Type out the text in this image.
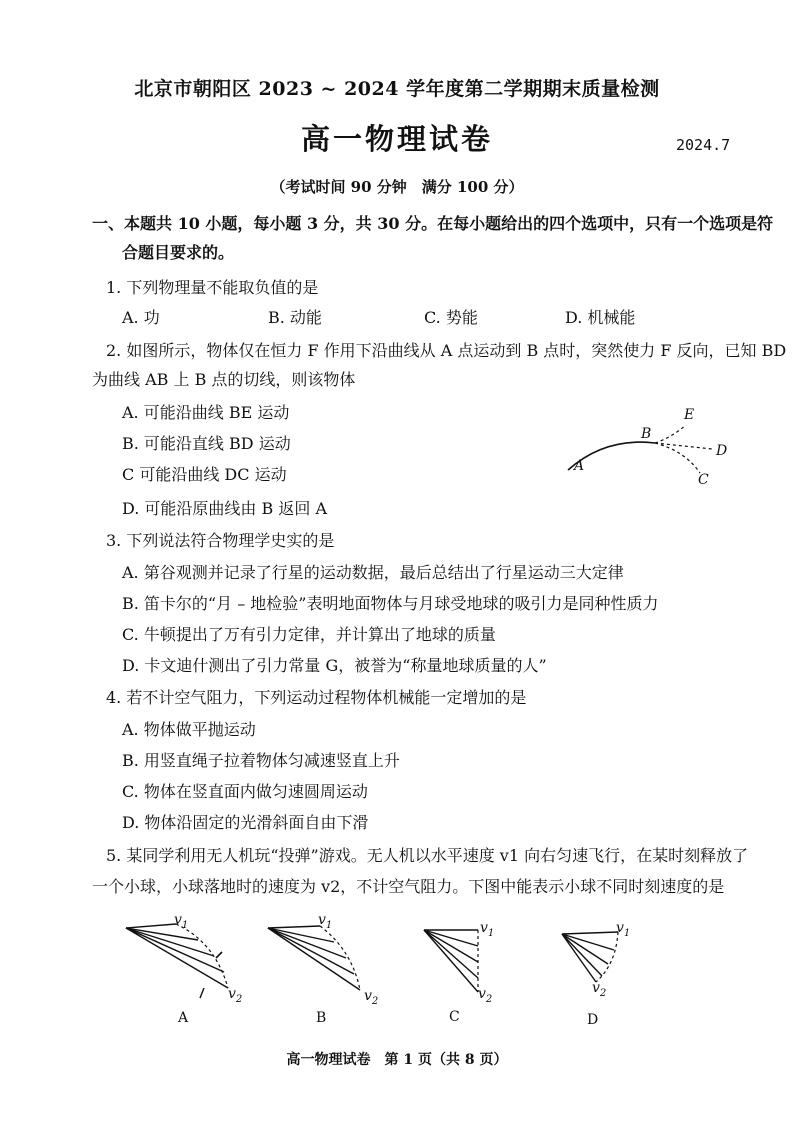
北京市朝阳区 2023 ~ 2024 学年度第二学期期末质量检测
高一物理试卷	2024.7
（考试时间 90 分钟　满分 100 分）
一、本题共 10 小题，每小题 3 分，共 30 分。在每小题给出的四个选项中，只有一个选项是符
合题目要求的。
1. 下列物理量不能取负值的是
A. 功	B. 动能	C. 势能	D. 机械能
2. 如图所示，物体仅在恒力 F 作用下沿曲线从 A 点运动到 B 点时，突然使力 F 反向，已知 BD
为曲线 AB 上 B 点的切线，则该物体
A. 可能沿曲线 BE 运动
B. 可能沿直线 BD 运动
C 可能沿曲线 DC 运动
D. 可能沿原曲线由 B 返回 A
A
B
E
D
C
3. 下列说法符合物理学史实的是
A. 第谷观测并记录了行星的运动数据，最后总结出了行星运动三大定律
B. 笛卡尔的“月 – 地检验”表明地面物体与月球受地球的吸引力是同种性质力
C. 牛顿提出了万有引力定律，并计算出了地球的质量
D. 卡文迪什测出了引力常量 G，被誉为“称量地球质量的人”
4. 若不计空气阻力，下列运动过程物体机械能一定增加的是
A. 物体做平抛运动
B. 用竖直绳子拉着物体匀减速竖直上升
C. 物体在竖直面内做匀速圆周运动
D. 物体沿固定的光滑斜面自由下滑
5. 某同学利用无人机玩“投弹”游戏。无人机以水平速度 v1 向右匀速飞行，在某时刻释放了
一个小球，小球落地时的速度为 v2，不计空气阻力。下图中能表示小球不同时刻速度的是
$v_1$
$v_2$
A
$v_1$
$v_2$
B
$v_1$
$v_2$
C
$v_1$
$v_2$
D
高一物理试卷　第 1 页（共 8 页）
